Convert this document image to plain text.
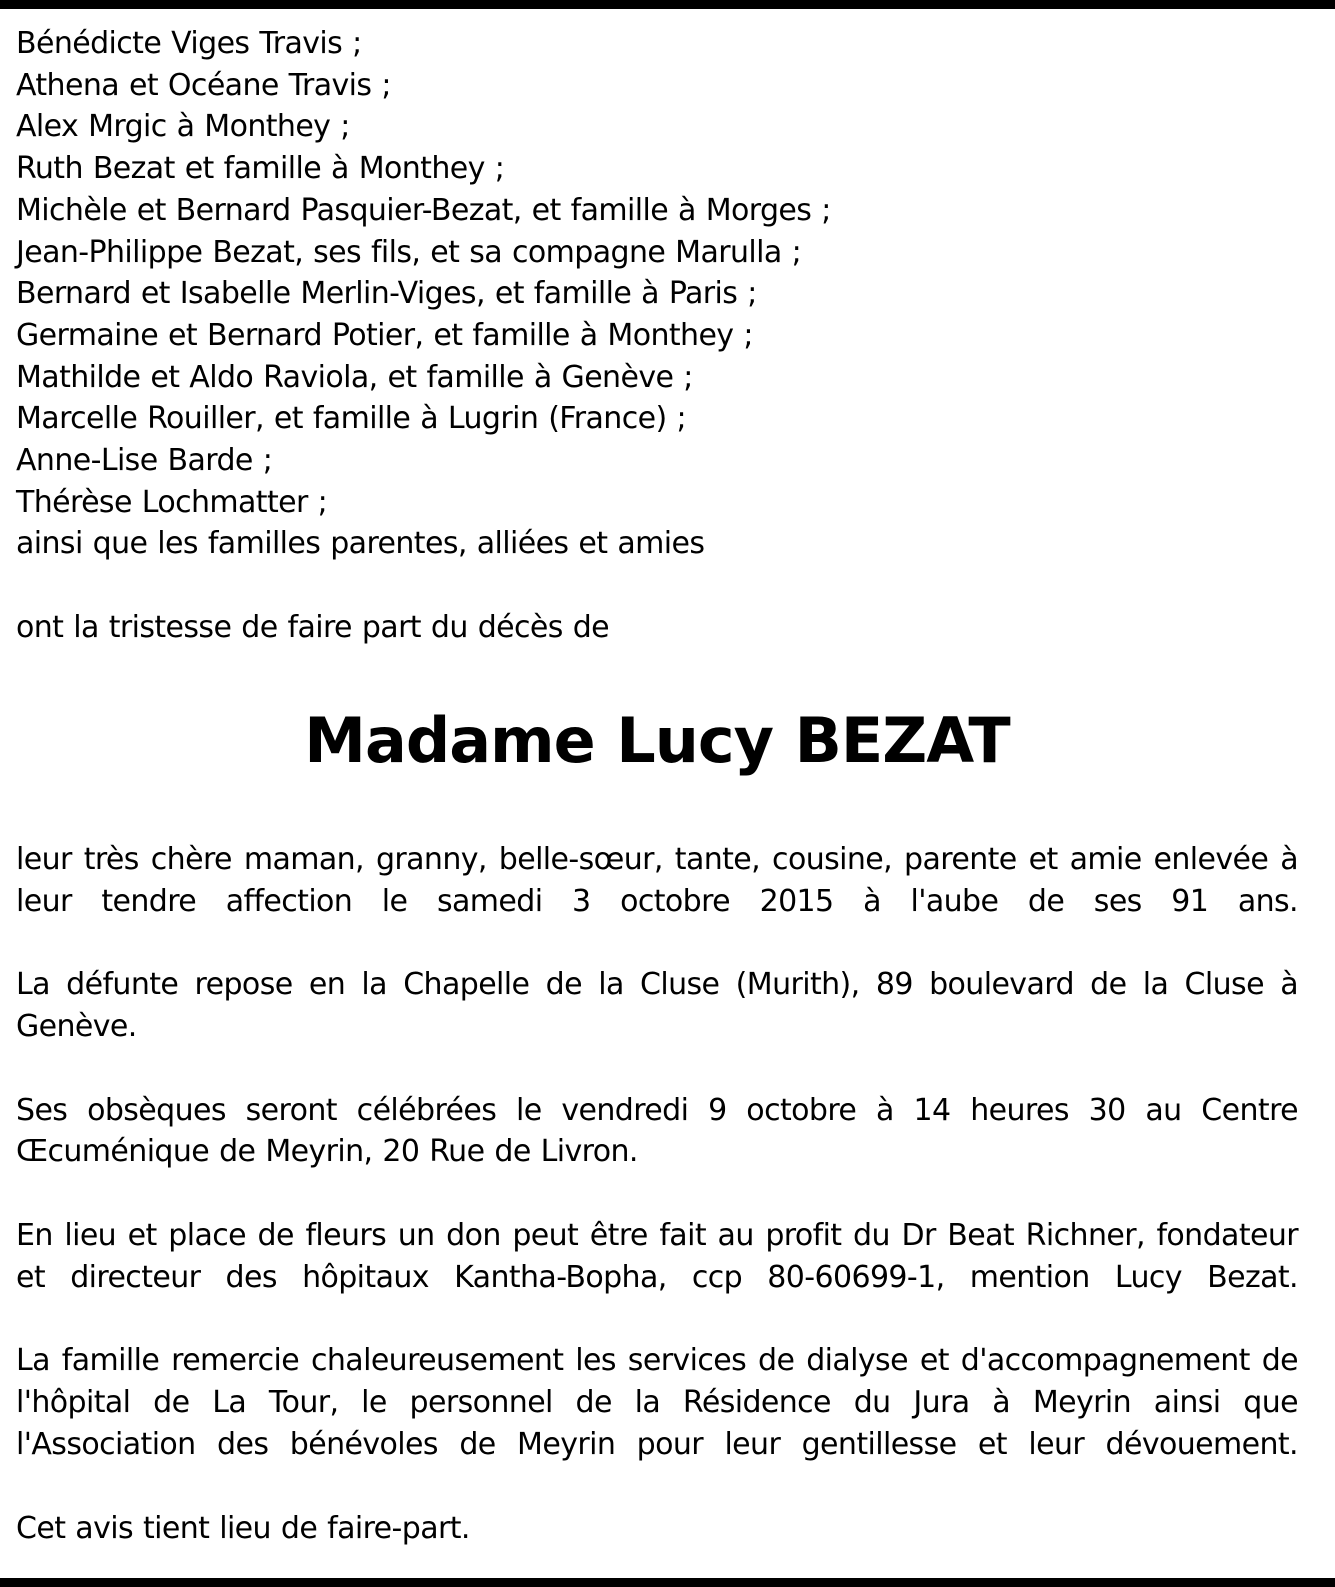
Bénédicte Viges Travis ;
Athena et Océane Travis ;
Alex Mrgic à Monthey ;
Ruth Bezat et famille à Monthey ;
Michèle et Bernard Pasquier-Bezat, et famille à Morges ;
Jean-Philippe Bezat, ses fils, et sa compagne Marulla ;
Bernard et Isabelle Merlin-Viges, et famille à Paris ;
Germaine et Bernard Potier, et famille à Monthey ;
Mathilde et Aldo Raviola, et famille à Genève ;
Marcelle Rouiller, et famille à Lugrin (France) ;
Anne-Lise Barde ;
Thérèse Lochmatter ;
ainsi que les familles parentes, alliées et amies

ont la tristesse de faire part du décès de

Madame Lucy BEZAT

leur très chère maman, granny, belle-sœur, tante, cousine, parente et amie enlevée à leur tendre affection le samedi 3 octobre 2015 à l'aube de ses 91 ans.

La défunte repose en la Chapelle de la Cluse (Murith), 89 boulevard de la Cluse à Genève.

Ses obsèques seront célébrées le vendredi 9 octobre à 14 heures 30 au Centre Œcuménique de Meyrin, 20 Rue de Livron.

En lieu et place de fleurs un don peut être fait au profit du Dr Beat Richner, fondateur et directeur des hôpitaux Kantha-Bopha, ccp 80-60699-1, mention Lucy Bezat.

La famille remercie chaleureusement les services de dialyse et d'accompagnement de l'hôpital de La Tour, le personnel de la Résidence du Jura à Meyrin ainsi que l'Association des bénévoles de Meyrin pour leur gentillesse et leur dévouement.

Cet avis tient lieu de faire-part.
